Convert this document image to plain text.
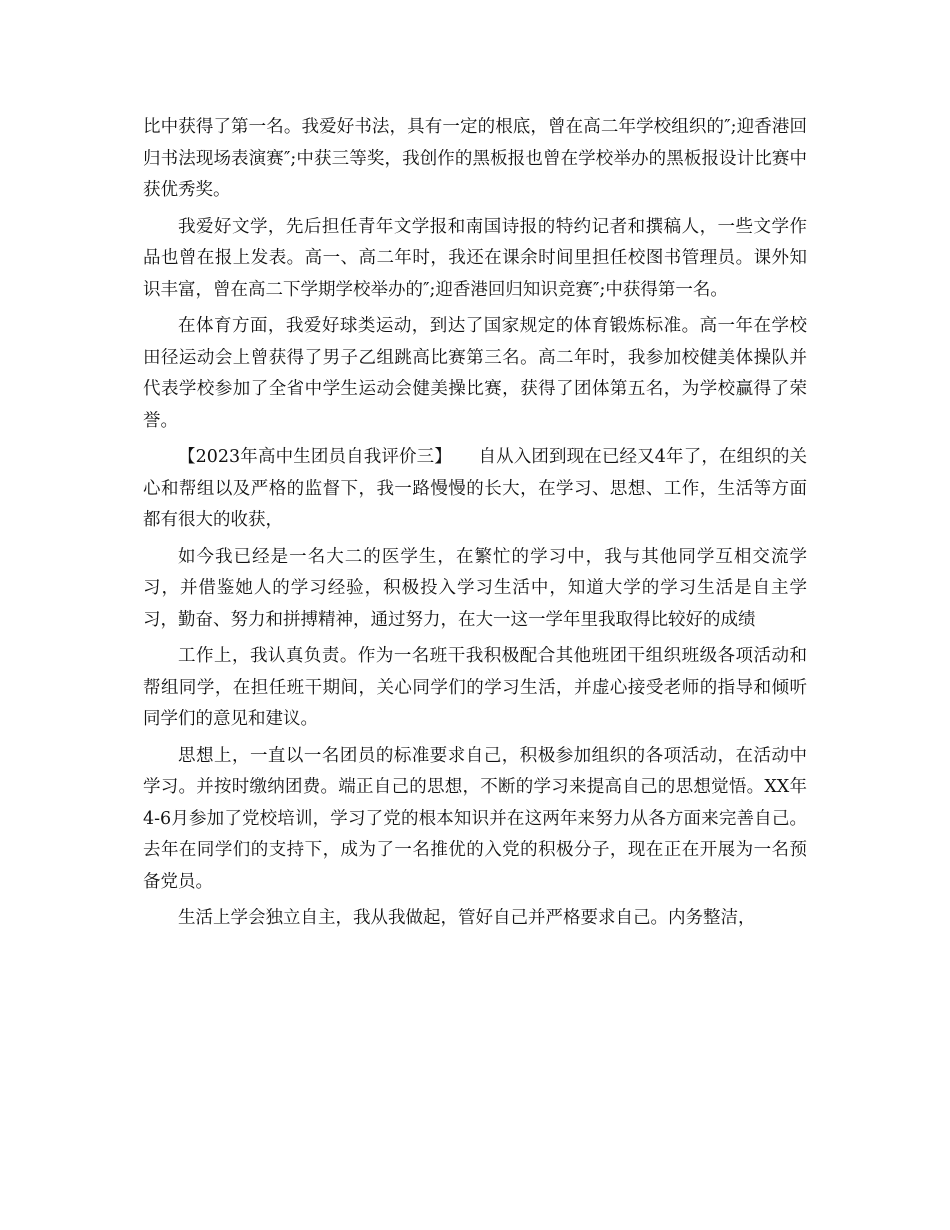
比中获得了第一名。我爱好书法，具有一定的根底，曾在高二年学校组织的″;迎香港回归书法现场表演赛″;中获三等奖，我创作的黑板报也曾在学校举办的黑板报设计比赛中获优秀奖。

我爱好文学，先后担任青年文学报和南国诗报的特约记者和撰稿人，一些文学作品也曾在报上发表。高一、高二年时，我还在课余时间里担任校图书管理员。课外知识丰富，曾在高二下学期学校举办的″;迎香港回归知识竞赛″;中获得第一名。

在体育方面，我爱好球类运动，到达了国家规定的体育锻炼标准。高一年在学校田径运动会上曾获得了男子乙组跳高比赛第三名。高二年时，我参加校健美体操队并代表学校参加了全省中学生运动会健美操比赛，获得了团体第五名，为学校赢得了荣誉。

【2023年高中生团员自我评价三】　　自从入团到现在已经又4年了，在组织的关心和帮组以及严格的监督下，我一路慢慢的长大，在学习、思想、工作，生活等方面都有很大的收获，

如今我已经是一名大二的医学生，在繁忙的学习中，我与其他同学互相交流学习，并借鉴她人的学习经验，积极投入学习生活中，知道大学的学习生活是自主学习，勤奋、努力和拼搏精神，通过努力，在大一这一学年里我取得比较好的成绩

工作上，我认真负责。作为一名班干我积极配合其他班团干组织班级各项活动和帮组同学，在担任班干期间，关心同学们的学习生活，并虚心接受老师的指导和倾听同学们的意见和建议。

思想上，一直以一名团员的标准要求自己，积极参加组织的各项活动，在活动中学习。并按时缴纳团费。端正自己的思想，不断的学习来提高自己的思想觉悟。XX年4-6月参加了党校培训，学习了党的根本知识并在这两年来努力从各方面来完善自己。去年在同学们的支持下，成为了一名推优的入党的积极分子，现在正在开展为一名预备党员。

生活上学会独立自主，我从我做起，管好自己并严格要求自己。内务整洁，
